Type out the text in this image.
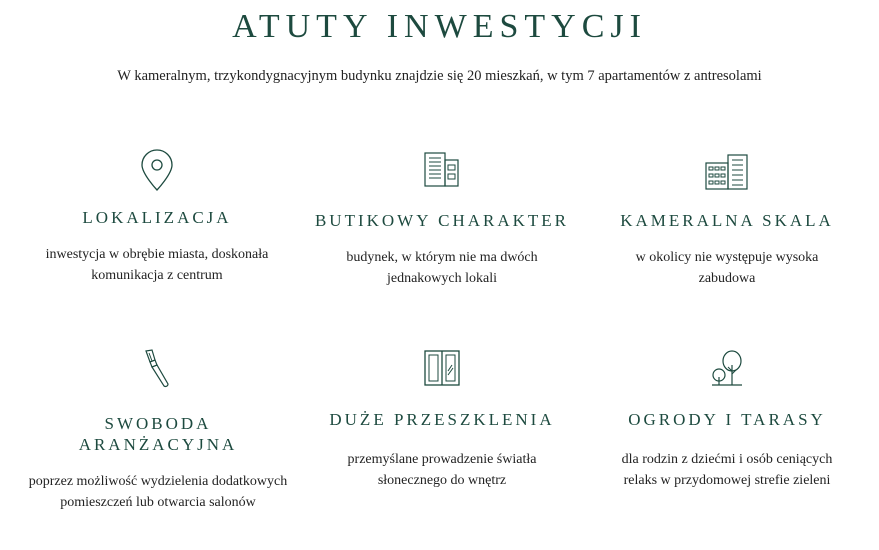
ATUTY INWESTYCJI
W kameralnym, trzykondygnacyjnym budynku znajdzie się 20 mieszkań, w tym 7 apartamentów z antresolami
LOKALIZACJA
inwestycja w obrębie miasta, doskonała
komunikacja z centrum
BUTIKOWY CHARAKTER
budynek, w którym nie ma dwóch
jednakowych lokali
KAMERALNA SKALA
w okolicy nie występuje wysoka
zabudowa
SWOBODA
ARANŻACYJNA
poprzez możliwość wydzielenia dodatkowych
pomieszczeń lub otwarcia salonów
DUŻE PRZESZKLENIA
przemyślane prowadzenie światła
słonecznego do wnętrz
OGRODY I TARASY
dla rodzin z dziećmi i osób ceniących
relaks w przydomowej strefie zieleni
